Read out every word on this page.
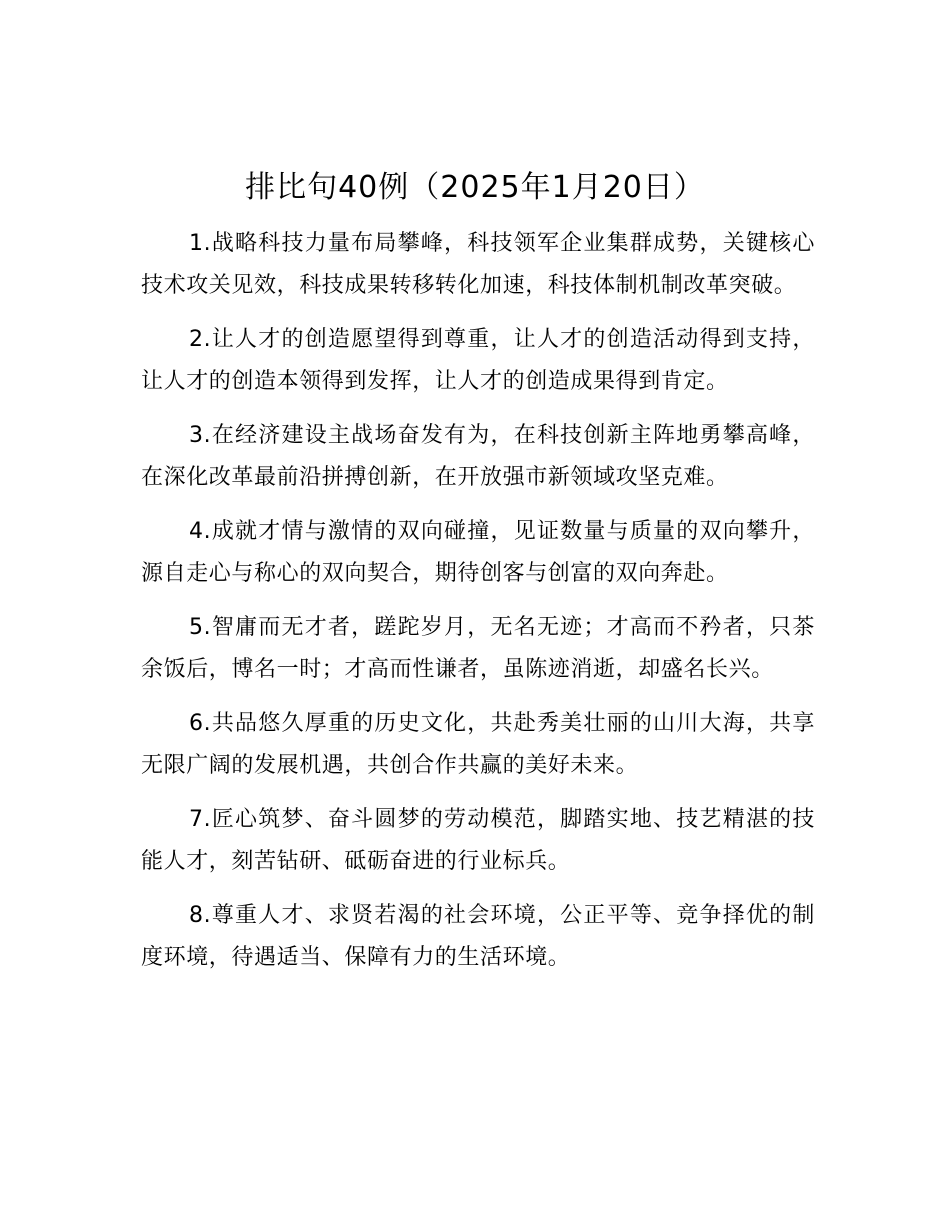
排比句40例（2025年1月20日）

1.战略科技力量布局攀峰，科技领军企业集群成势，关键核心技术攻关见效，科技成果转移转化加速，科技体制机制改革突破。

2.让人才的创造愿望得到尊重，让人才的创造活动得到支持，让人才的创造本领得到发挥，让人才的创造成果得到肯定。

3.在经济建设主战场奋发有为，在科技创新主阵地勇攀高峰，在深化改革最前沿拼搏创新，在开放强市新领域攻坚克难。

4.成就才情与激情的双向碰撞，见证数量与质量的双向攀升，源自走心与称心的双向契合，期待创客与创富的双向奔赴。

5.智庸而无才者，蹉跎岁月，无名无迹；才高而不矜者，只茶余饭后，博名一时；才高而性谦者，虽陈迹消逝，却盛名长兴。

6.共品悠久厚重的历史文化，共赴秀美壮丽的山川大海，共享无限广阔的发展机遇，共创合作共赢的美好未来。

7.匠心筑梦、奋斗圆梦的劳动模范，脚踏实地、技艺精湛的技能人才，刻苦钻研、砥砺奋进的行业标兵。

8.尊重人才、求贤若渴的社会环境，公正平等、竞争择优的制度环境，待遇适当、保障有力的生活环境。
